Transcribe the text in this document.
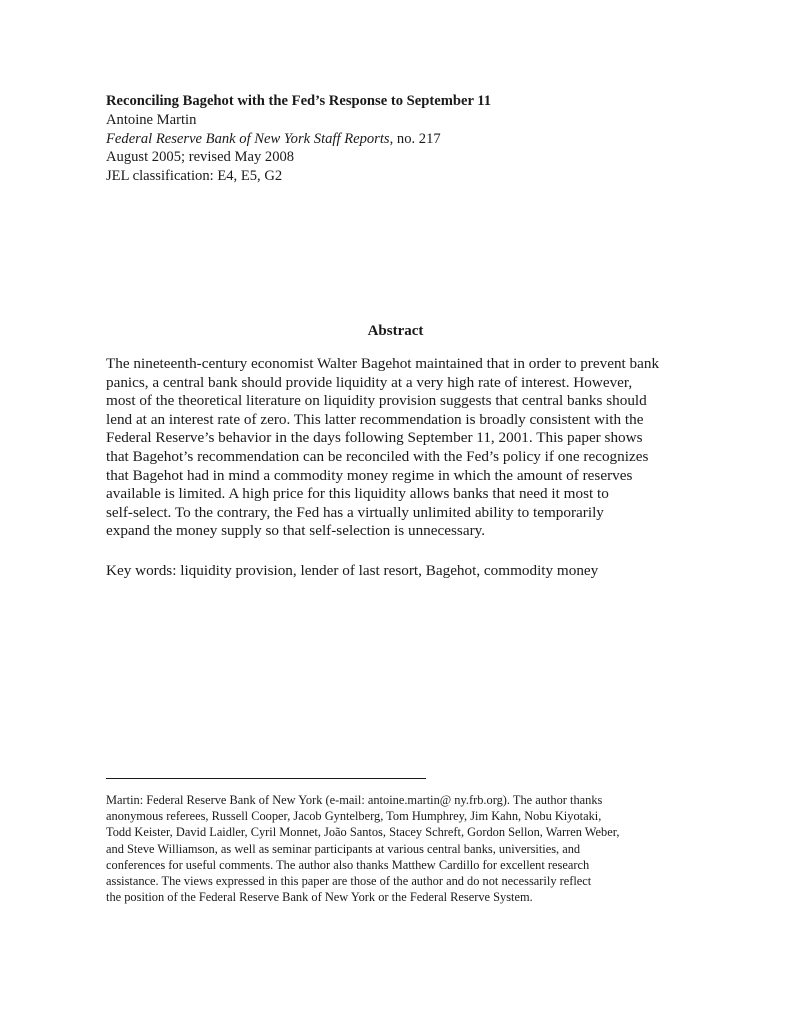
Reconciling Bagehot with the Fed’s Response to September 11
Antoine Martin
Federal Reserve Bank of New York Staff Reports, no. 217
August 2005; revised May 2008
JEL classification: E4, E5, G2
Abstract
The nineteenth-century economist Walter Bagehot maintained that in order to prevent bank
panics, a central bank should provide liquidity at a very high rate of interest. However,
most of the theoretical literature on liquidity provision suggests that central banks should
lend at an interest rate of zero. This latter recommendation is broadly consistent with the
Federal Reserve’s behavior in the days following September 11, 2001. This paper shows
that Bagehot’s recommendation can be reconciled with the Fed’s policy if one recognizes
that Bagehot had in mind a commodity money regime in which the amount of reserves
available is limited. A high price for this liquidity allows banks that need it most to
self-select. To the contrary, the Fed has a virtually unlimited ability to temporarily
expand the money supply so that self-selection is unnecessary.
Key words: liquidity provision, lender of last resort, Bagehot, commodity money
Martin: Federal Reserve Bank of New York (e-mail: antoine.martin@ ny.frb.org). The author thanks
anonymous referees, Russell Cooper, Jacob Gyntelberg, Tom Humphrey, Jim Kahn, Nobu Kiyotaki,
Todd Keister, David Laidler, Cyril Monnet, João Santos, Stacey Schreft, Gordon Sellon, Warren Weber,
and Steve Williamson, as well as seminar participants at various central banks, universities, and
conferences for useful comments. The author also thanks Matthew Cardillo for excellent research
assistance. The views expressed in this paper are those of the author and do not necessarily reflect
the position of the Federal Reserve Bank of New York or the Federal Reserve System.
